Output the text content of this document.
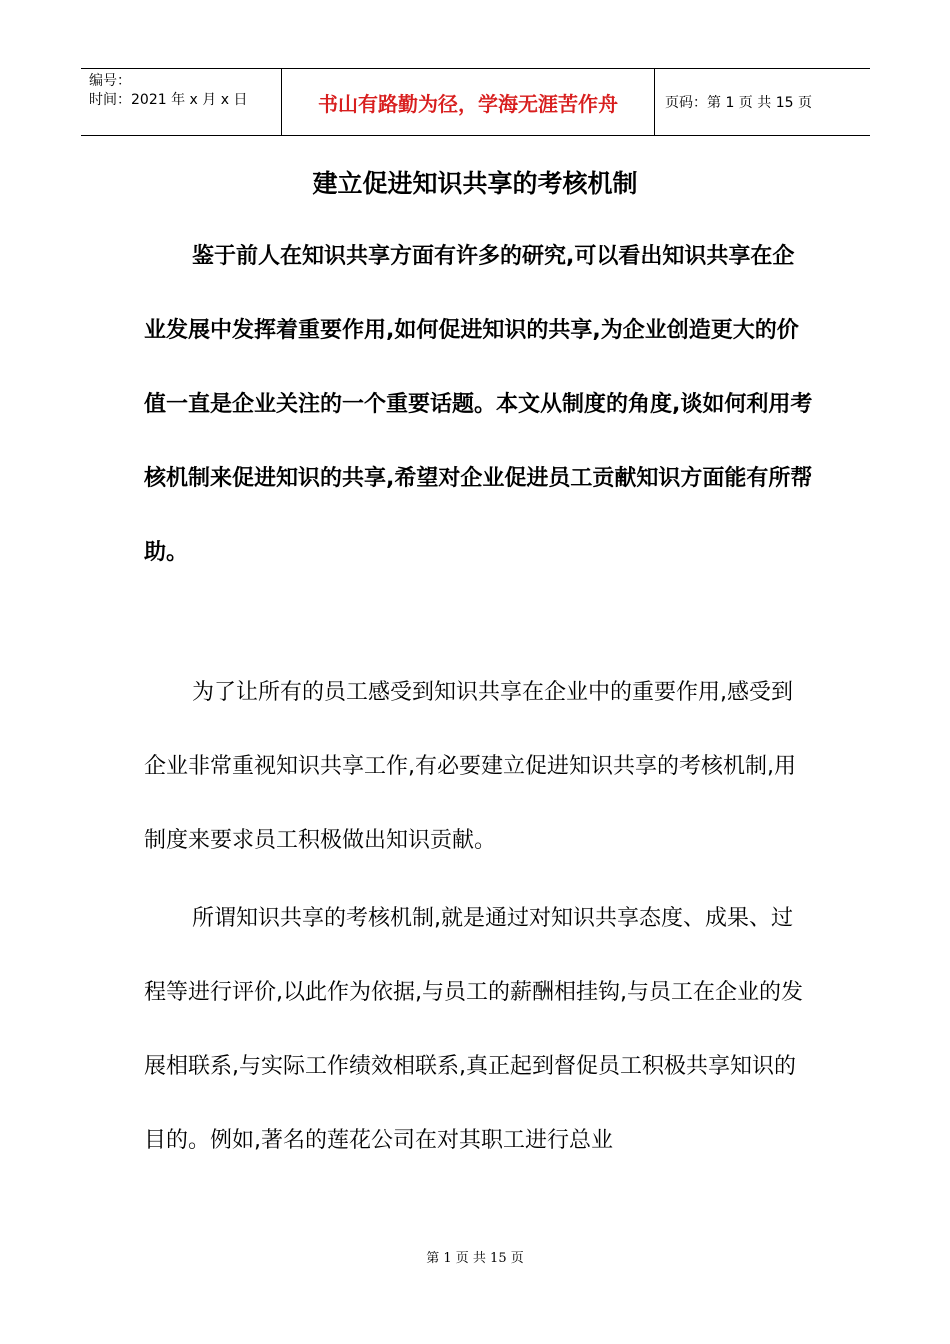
编号：
时间：2021 年 x 月 x 日	书山有路勤为径，学海无涯苦作舟	页码：第 1 页 共 15 页
建立促进知识共享的考核机制

鉴于前人在知识共享方面有许多的研究,可以看出知识共享在企业发展中发挥着重要作用,如何促进知识的共享,为企业创造更大的价值一直是企业关注的一个重要话题。本文从制度的角度,谈如何利用考核机制来促进知识的共享,希望对企业促进员工贡献知识方面能有所帮助。

为了让所有的员工感受到知识共享在企业中的重要作用,感受到企业非常重视知识共享工作,有必要建立促进知识共享的考核机制,用制度来要求员工积极做出知识贡献。

所谓知识共享的考核机制,就是通过对知识共享态度、成果、过程等进行评价,以此作为依据,与员工的薪酬相挂钩,与员工在企业的发展相联系,与实际工作绩效相联系,真正起到督促员工积极共享知识的目的。例如,著名的莲花公司在对其职工进行总业

第 1 页 共 15 页
